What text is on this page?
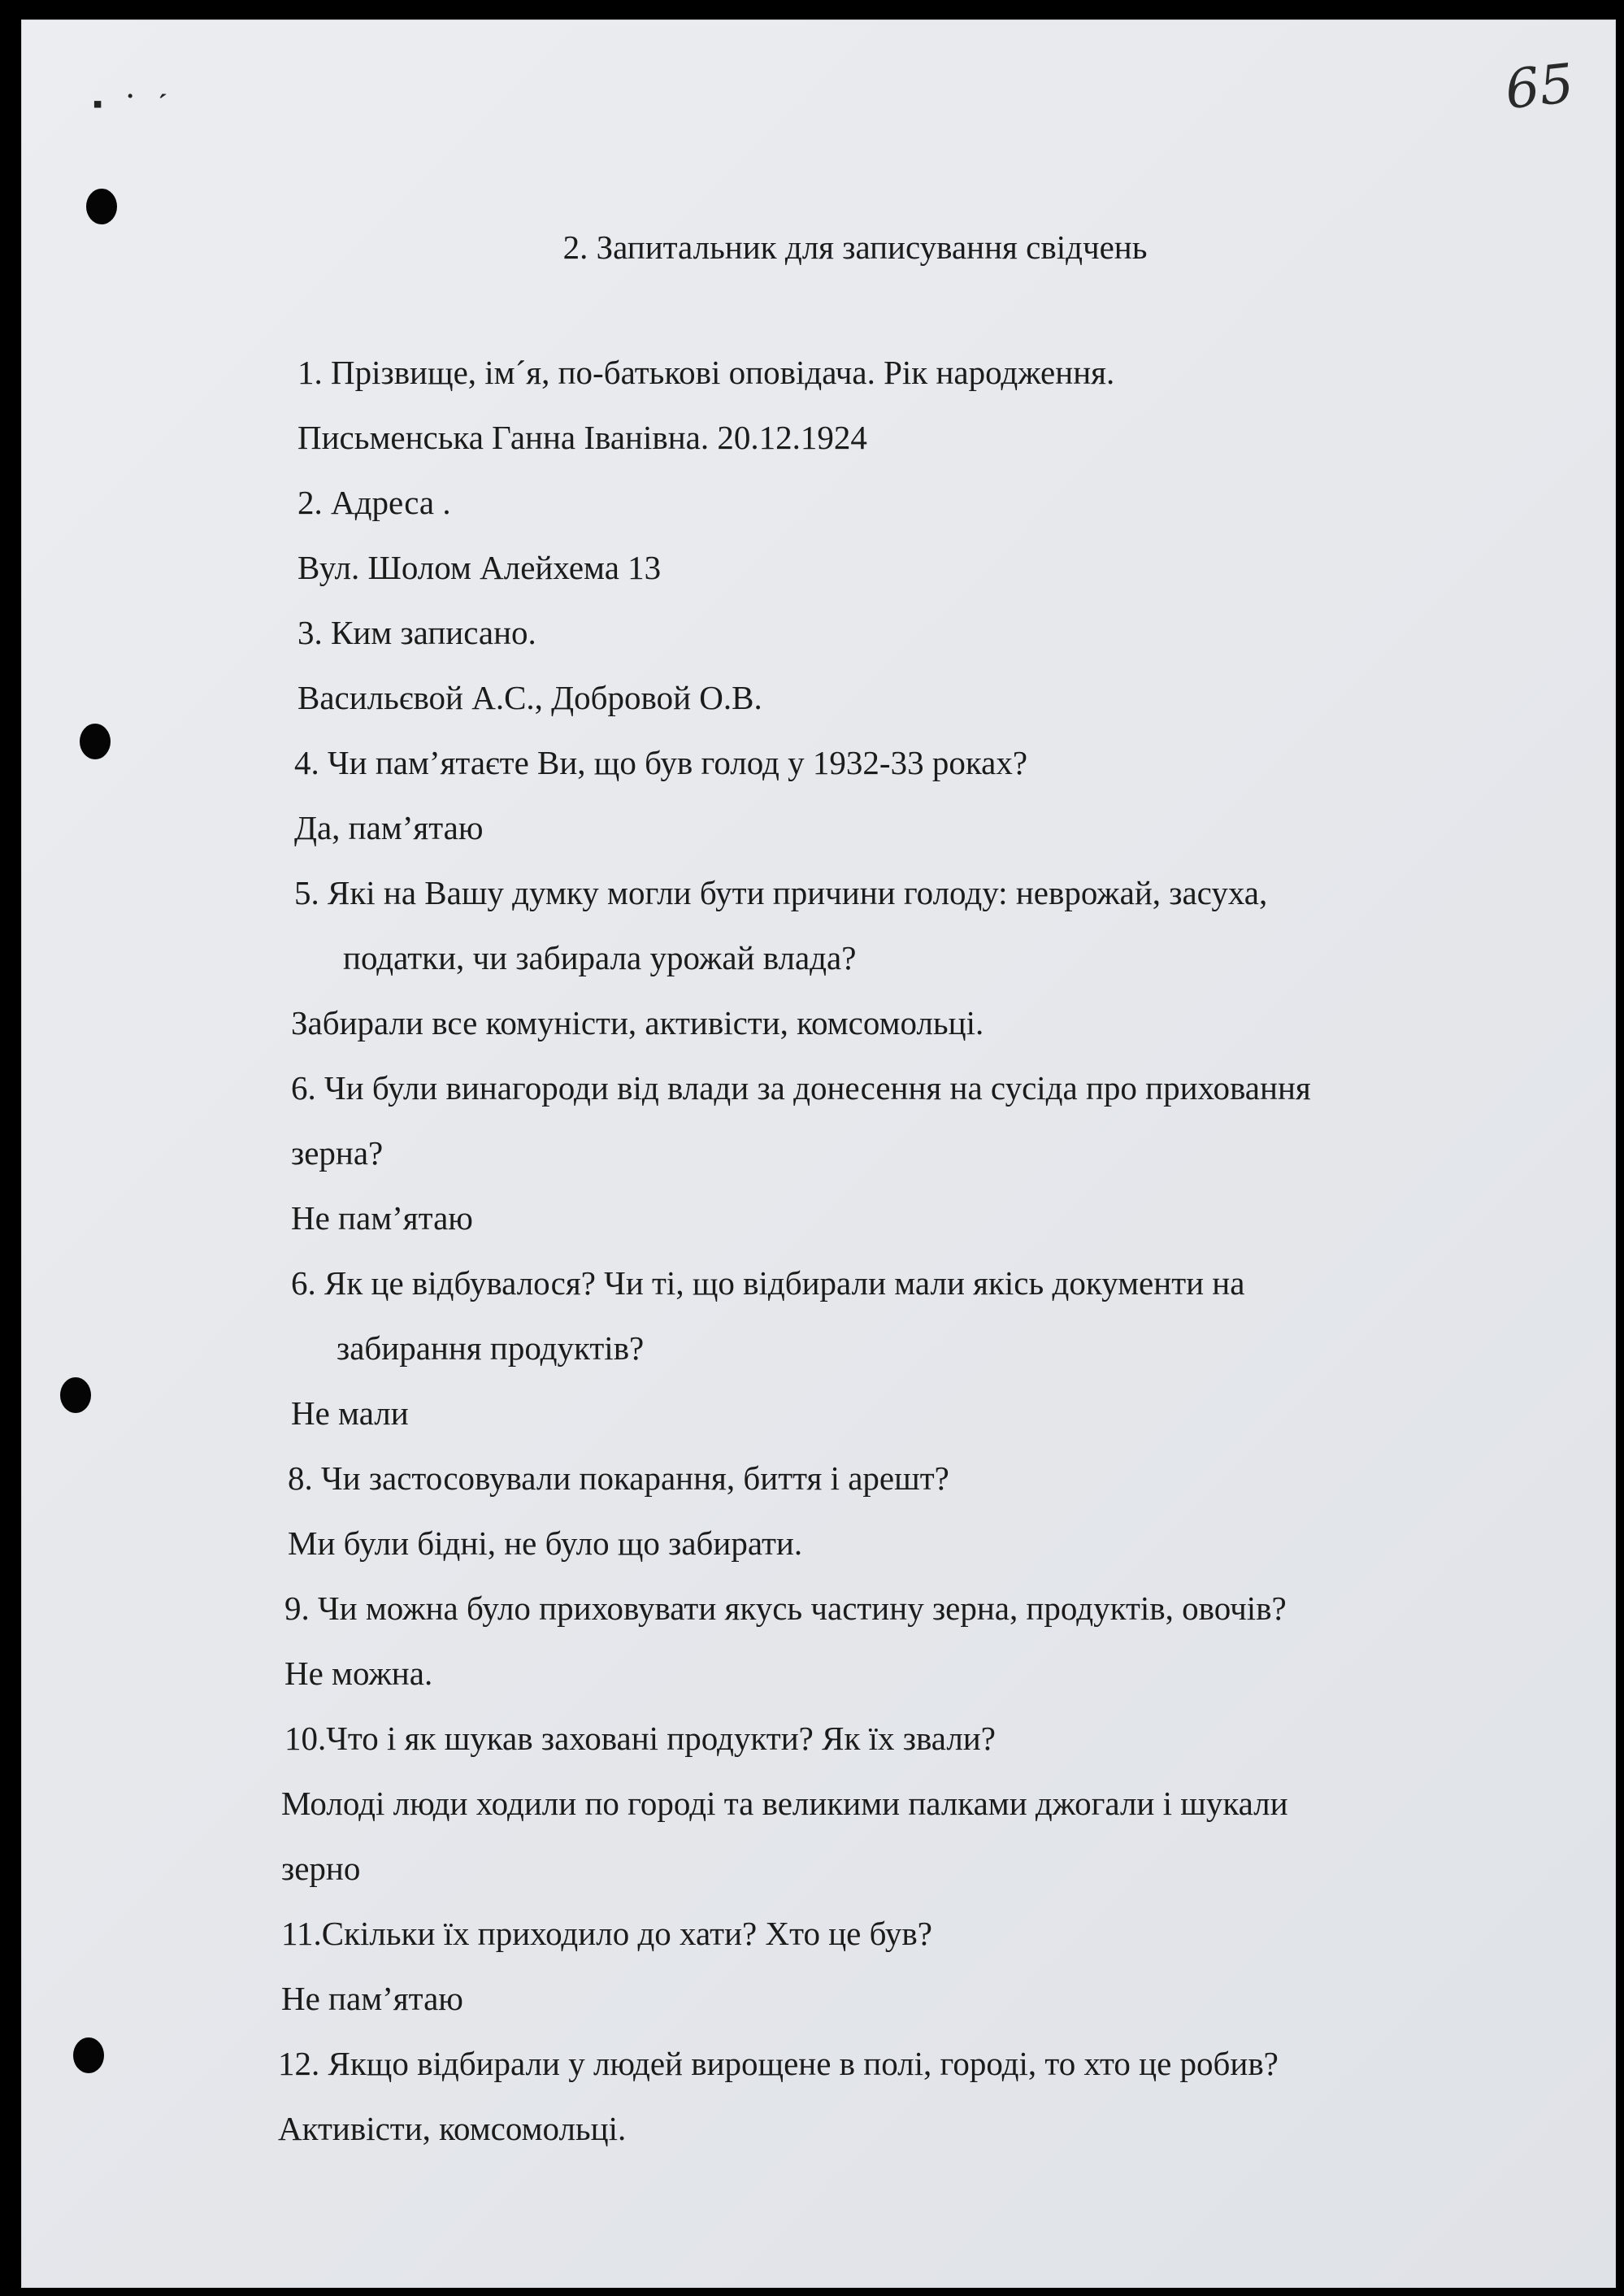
▪ ˙ ˊ	65
2. Запитальник для записування свідчень
1. Прізвище, ім´я, по-батькові оповідача. Рік народження.
Письменська Ганна Іванівна. 20.12.1924
2. Адреса .
Вул. Шолом Алейхема 13
3. Ким записано.
Васильєвой А.С., Добровой О.В.
4. Чи пам’ятаєте Ви, що був голод у 1932-33 роках?
Да, пам’ятаю
5. Які на Вашу думку могли бути причини голоду: неврожай, засуха,
податки, чи забирала урожай влада?
Забирали все комуністи, активісти, комсомольці.
6. Чи були винагороди від влади за донесення на сусіда про приховання
зерна?
Не пам’ятаю
6. Як це відбувалося? Чи ті, що відбирали мали якісь документи на
забирання продуктів?
Не мали
8. Чи застосовували покарання, биття і арешт?
Ми були бідні, не було що забирати.
9. Чи можна було приховувати якусь частину зерна, продуктів, овочів?
Не можна.
10.Что і як шукав заховані продукти? Як їх звали?
Молоді люди ходили по городі та великими палками джогали і шукали
зерно
11.Скільки їх приходило до хати? Хто це був?
Не пам’ятаю
12. Якщо відбирали у людей вирощене в полі, городі, то хто це робив?
Активісти, комсомольці.
